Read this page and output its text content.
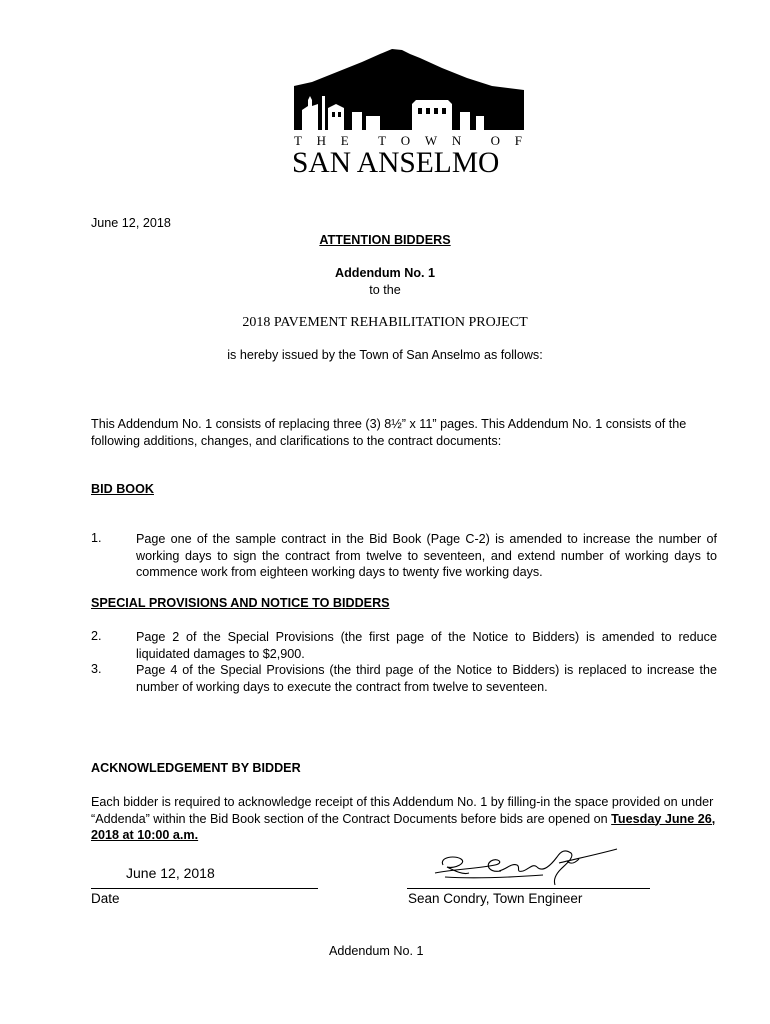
T H E T O W N O F
SAN ANSELMO
June 12, 2018
ATTENTION BIDDERS
Addendum No. 1
to the
2018 PAVEMENT REHABILITATION PROJECT
is hereby issued by the Town of San Anselmo as follows:
This Addendum No. 1 consists of replacing three (3) 8½” x 11” pages. This Addendum No. 1 consists of the following additions, changes, and clarifications to the contract documents:
BID BOOK
1.	Page one of the sample contract in the Bid Book (Page C-2) is amended to increase the number of working days to sign the contract from twelve to seventeen, and extend number of working days to commence work from eighteen working days to twenty five working days.
SPECIAL PROVISIONS AND NOTICE TO BIDDERS
2.	Page 2 of the Special Provisions (the first page of the Notice to Bidders) is amended to reduce liquidated damages to $2,900.
3.	Page 4 of the Special Provisions (the third page of the Notice to Bidders) is replaced to increase the number of working days to execute the contract from twelve to seventeen.
ACKNOWLEDGEMENT BY BIDDER
Each bidder is required to acknowledge receipt of this Addendum No. 1 by filling-in the space provided on under “Addenda” within the Bid Book section of the Contract Documents before bids are opened on Tuesday June 26, 2018 at 10:00 a.m.
June 12, 2018
Date	Sean Condry, Town Engineer
Addendum No. 1
